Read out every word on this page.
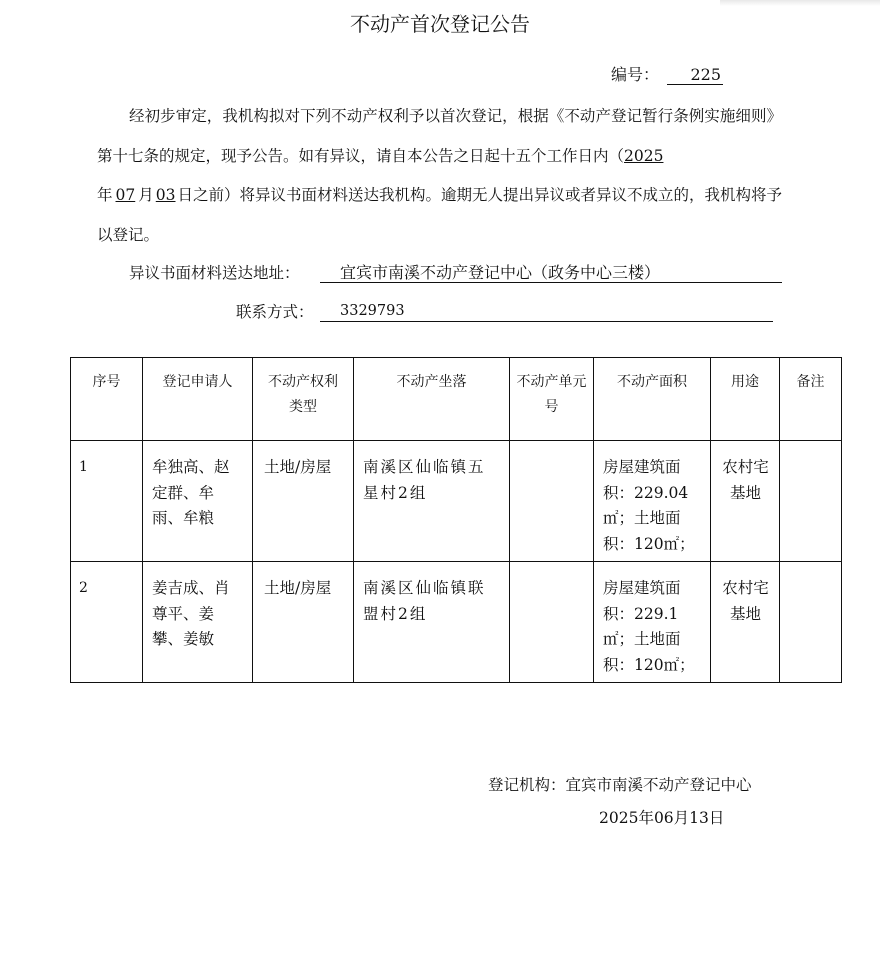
不动产首次登记公告
编号： 225
经初步审定，我机构拟对下列不动产权利予以首次登记，根据《不动产登记暂行条例实施细则》第十七条的规定，现予公告。如有异议，请自本公告之日起十五个工作日内（2025
年 07 月 03 日之前）将异议书面材料送达我机构。逾期无人提出异议或者异议不成立的，我机构将予以登记。
异议书面材料送达地址：	宜宾市南溪不动产登记中心（政务中心三楼）
联系方式：	3329793
序号	登记申请人	不动产权利类型	不动产坐落	不动产单元号	不动产面积	用途	备注
1	牟独高、赵定群、牟雨、牟粮	土地/房屋	南溪区仙临镇五星村2组		房屋建筑面积：229.04㎡；土地面积：120㎡；	农村宅基地	
2	姜吉成、肖尊平、姜攀、姜敏	土地/房屋	南溪区仙临镇联盟村2组		房屋建筑面积：229.1㎡；土地面积：120㎡；	农村宅基地	
登记机构：宜宾市南溪不动产登记中心
2025年06月13日
